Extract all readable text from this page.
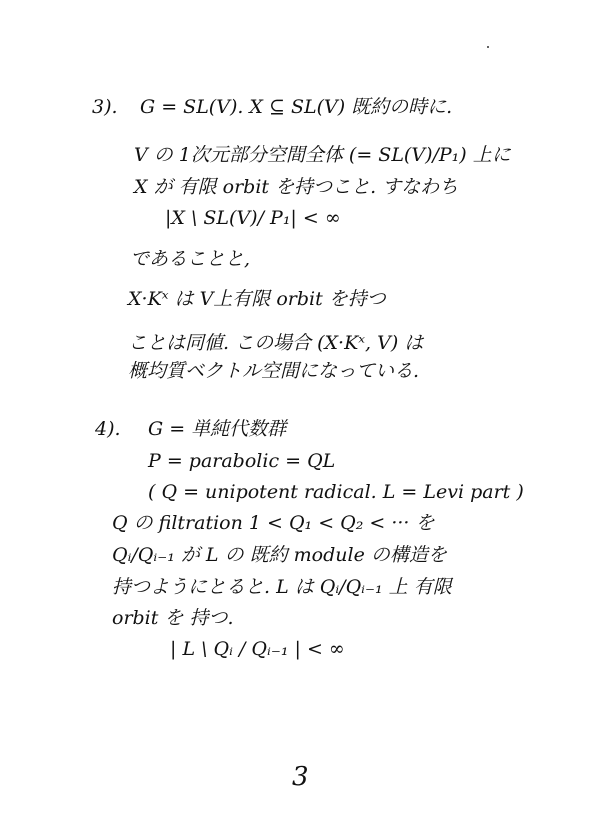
3). G = SL(V). X ⊆ SL(V) 既約の時に.
V の 1次元部分空間全体 (= SL(V)/P₁) 上に
X が 有限 orbit を持つこと. すなわち
|X \ SL(V)/ P₁| < ∞
であることと,
X·Kˣ は V上有限 orbit を持つ
ことは同値. この場合 (X·Kˣ, V) は
概均質ベクトル空間になっている.
4). G = 単純代数群
P = parabolic = QL
( Q = unipotent radical. L = Levi part )
Q の filtration 1 < Q₁ < Q₂ < ··· を
Qᵢ/Qᵢ₋₁ が L の 既約 module の構造を
持つようにとると. L は Qᵢ/Qᵢ₋₁ 上 有限
orbit を 持つ.
| L \ Qᵢ / Qᵢ₋₁ | < ∞
3
